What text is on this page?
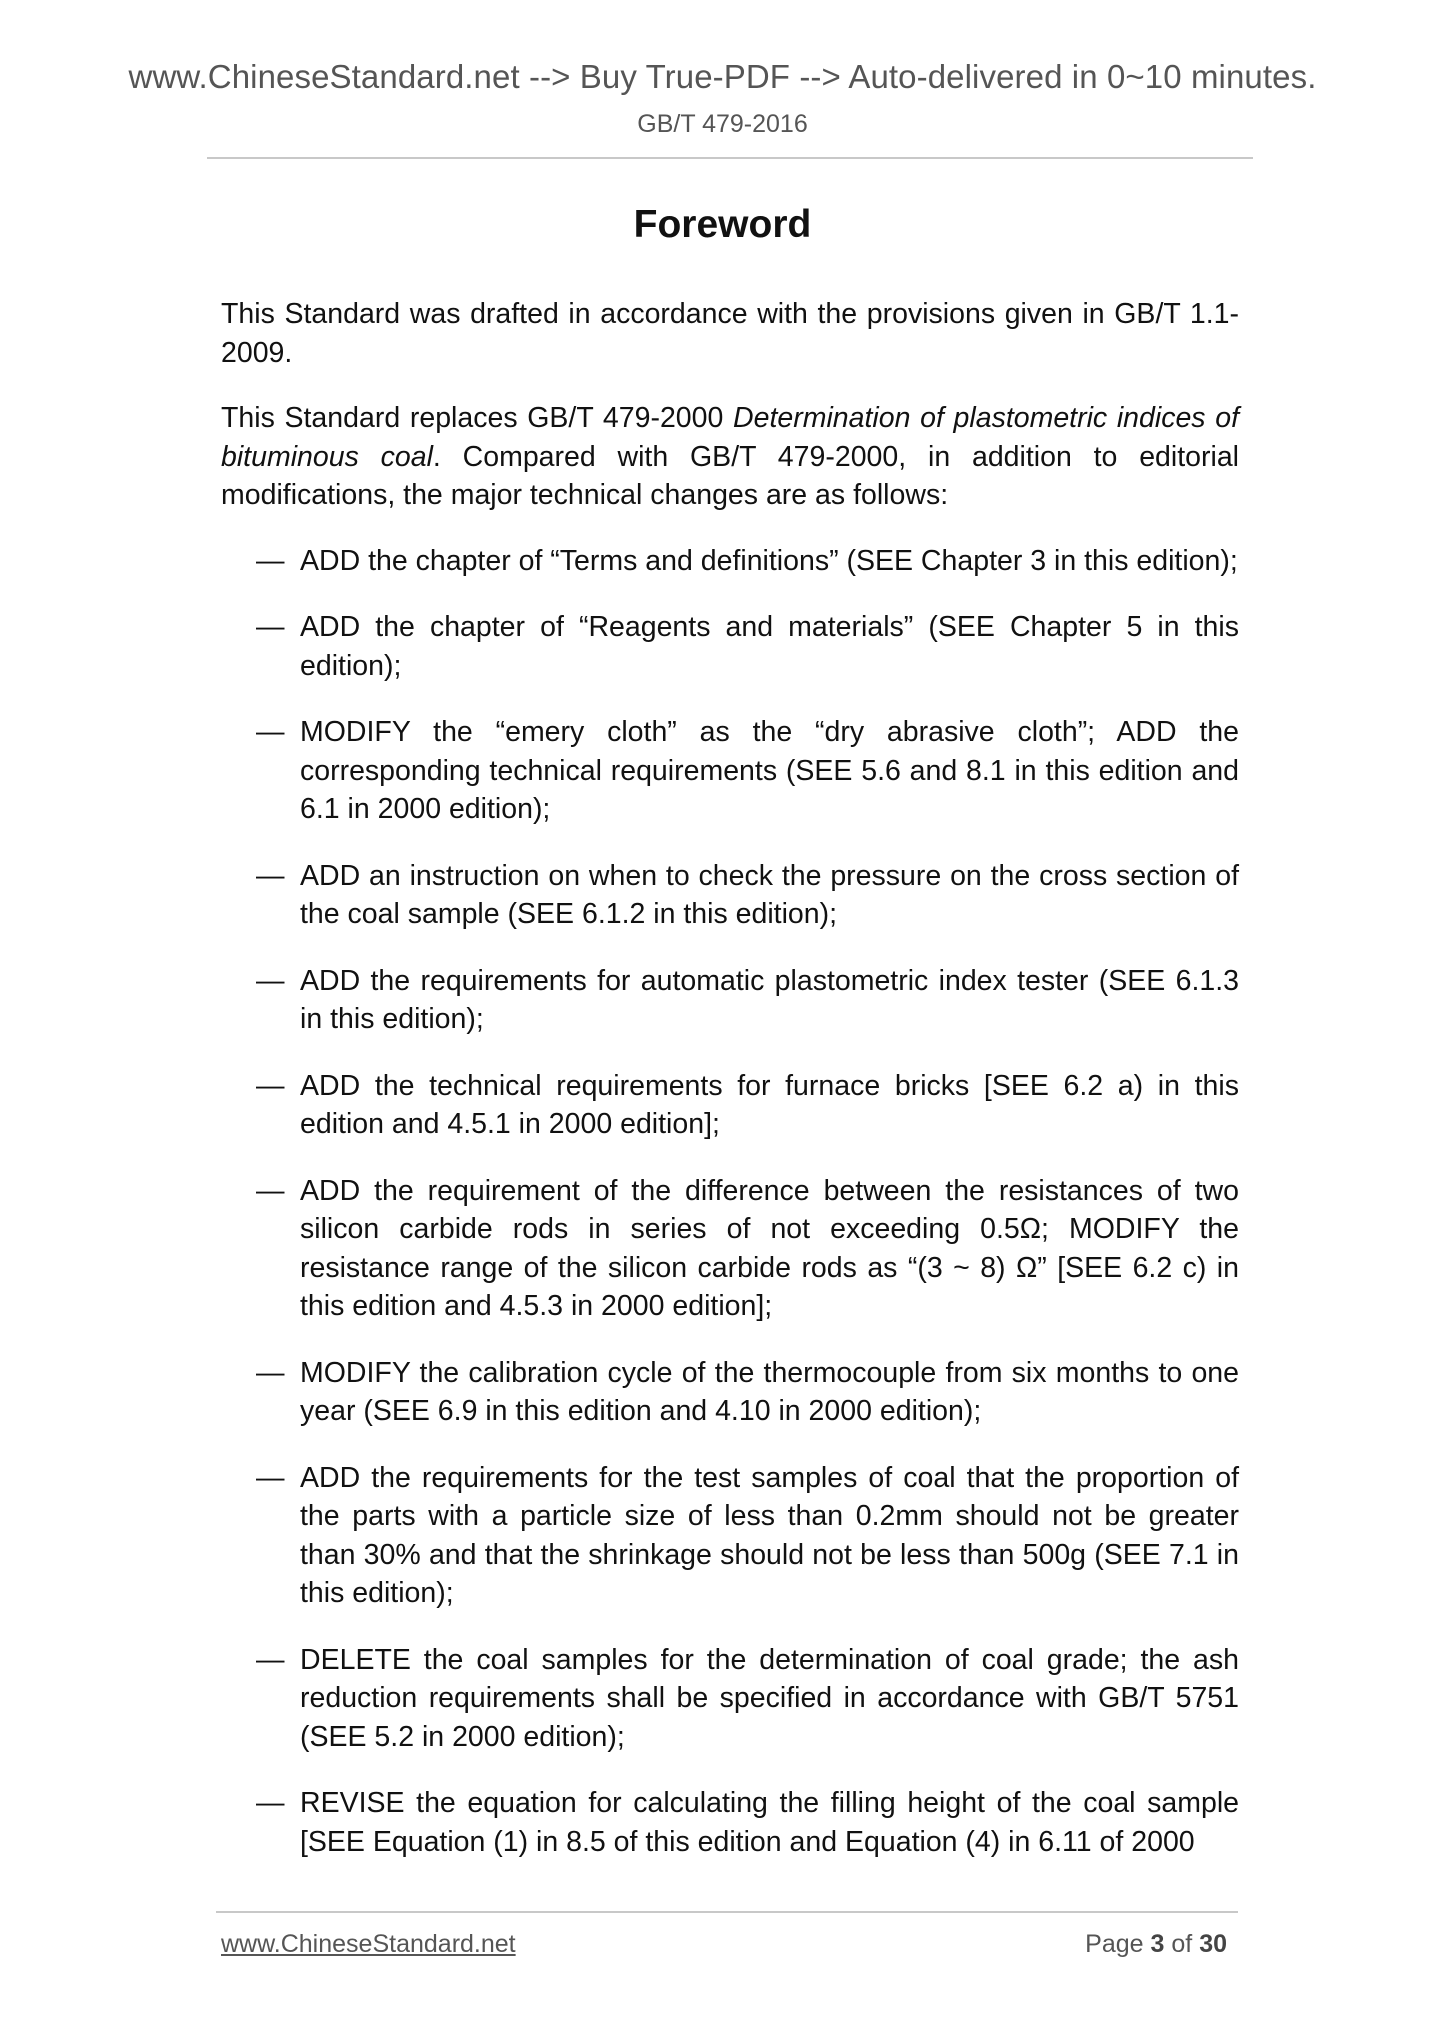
www.ChineseStandard.net --> Buy True-PDF --> Auto-delivered in 0~10 minutes.
GB/T 479-2016
Foreword

This Standard was drafted in accordance with the provisions given in GB/T 1.1-2009.

This Standard replaces GB/T 479-2000 Determination of plastometric indices of bituminous coal. Compared with GB/T 479-2000, in addition to editorial modifications, the major technical changes are as follows:

— ADD the chapter of “Terms and definitions” (SEE Chapter 3 in this edition);
— ADD the chapter of “Reagents and materials” (SEE Chapter 5 in this edition);
— MODIFY the “emery cloth” as the “dry abrasive cloth”; ADD the corresponding technical requirements (SEE 5.6 and 8.1 in this edition and 6.1 in 2000 edition);
— ADD an instruction on when to check the pressure on the cross section of the coal sample (SEE 6.1.2 in this edition);
— ADD the requirements for automatic plastometric index tester (SEE 6.1.3 in this edition);
— ADD the technical requirements for furnace bricks [SEE 6.2 a) in this edition and 4.5.1 in 2000 edition];
— ADD the requirement of the difference between the resistances of two silicon carbide rods in series of not exceeding 0.5Ω; MODIFY the resistance range of the silicon carbide rods as “(3 ~ 8) Ω” [SEE 6.2 c) in this edition and 4.5.3 in 2000 edition];
— MODIFY the calibration cycle of the thermocouple from six months to one year (SEE 6.9 in this edition and 4.10 in 2000 edition);
— ADD the requirements for the test samples of coal that the proportion of the parts with a particle size of less than 0.2mm should not be greater than 30% and that the shrinkage should not be less than 500g (SEE 7.1 in this edition);
— DELETE the coal samples for the determination of coal grade; the ash reduction requirements shall be specified in accordance with GB/T 5751 (SEE 5.2 in 2000 edition);
— REVISE the equation for calculating the filling height of the coal sample [SEE Equation (1) in 8.5 of this edition and Equation (4) in 6.11 of 2000
www.ChineseStandard.net	Page 3 of 30
